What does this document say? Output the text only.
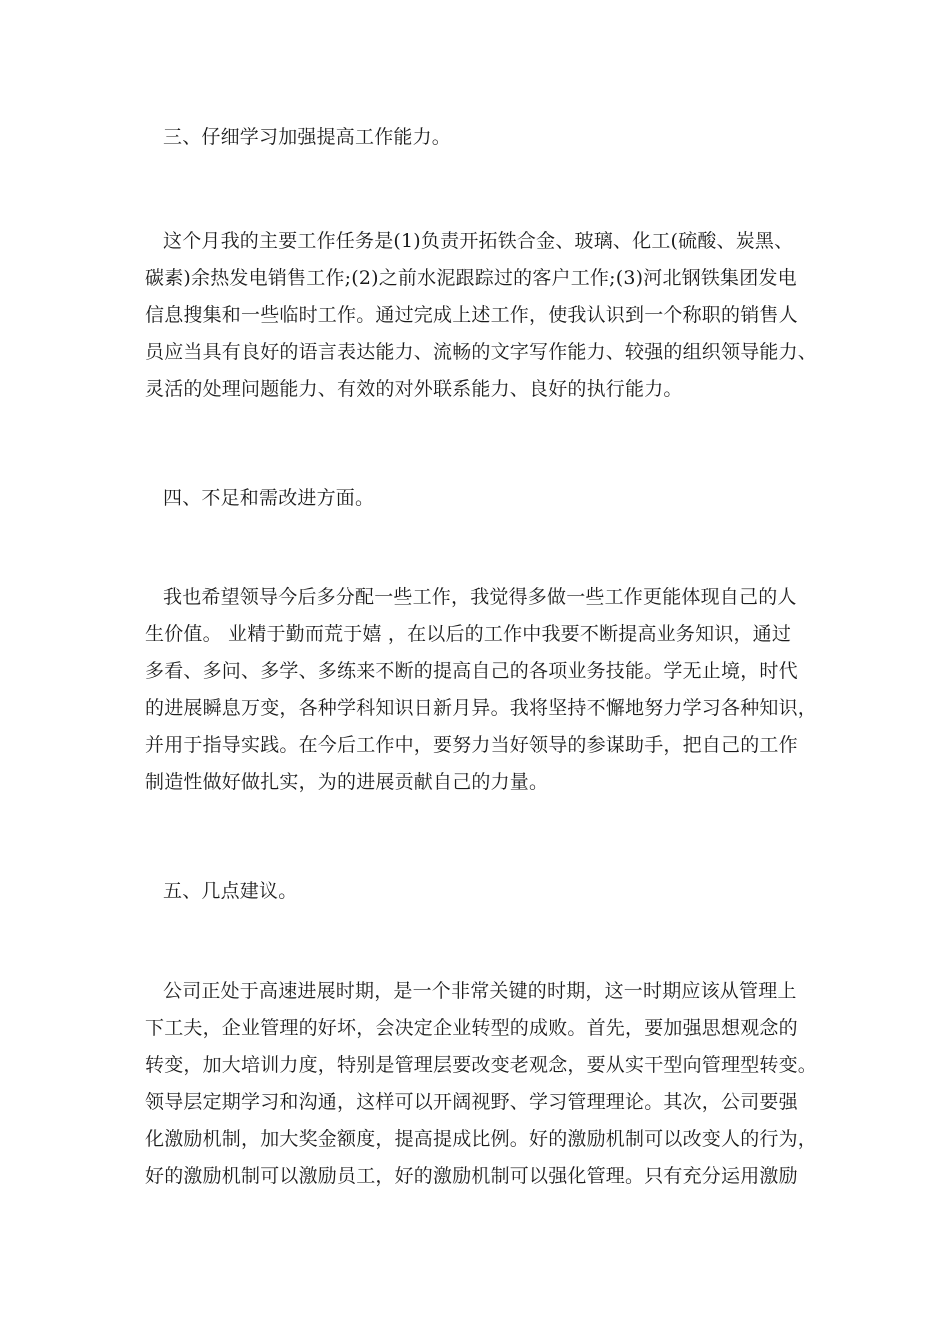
三、仔细学习加强提高工作能力。
这个月我的主要工作任务是(1)负责开拓铁合金、玻璃、化工(硫酸、炭黑、
碳素)余热发电销售工作;(2)之前水泥跟踪过的客户工作;(3)河北钢铁集团发电
信息搜集和一些临时工作。通过完成上述工作，使我认识到一个称职的销售人
员应当具有良好的语言表达能力、流畅的文字写作能力、较强的组织领导能力、
灵活的处理问题能力、有效的对外联系能力、良好的执行能力。
四、不足和需改进方面。
我也希望领导今后多分配一些工作，我觉得多做一些工作更能体现自己的人
生价值。 业精于勤而荒于嬉 ，在以后的工作中我要不断提高业务知识，通过
多看、多问、多学、多练来不断的提高自己的各项业务技能。学无止境，时代
的进展瞬息万变，各种学科知识日新月异。我将坚持不懈地努力学习各种知识，
并用于指导实践。在今后工作中，要努力当好领导的参谋助手，把自己的工作
制造性做好做扎实，为的进展贡献自己的力量。
五、几点建议。
公司正处于高速进展时期，是一个非常关键的时期，这一时期应该从管理上
下工夫，企业管理的好坏，会决定企业转型的成败。首先，要加强思想观念的
转变，加大培训力度，特别是管理层要改变老观念，要从实干型向管理型转变。
领导层定期学习和沟通，这样可以开阔视野、学习管理理论。其次，公司要强
化激励机制，加大奖金额度，提高提成比例。好的激励机制可以改变人的行为，
好的激励机制可以激励员工，好的激励机制可以强化管理。只有充分运用激励
